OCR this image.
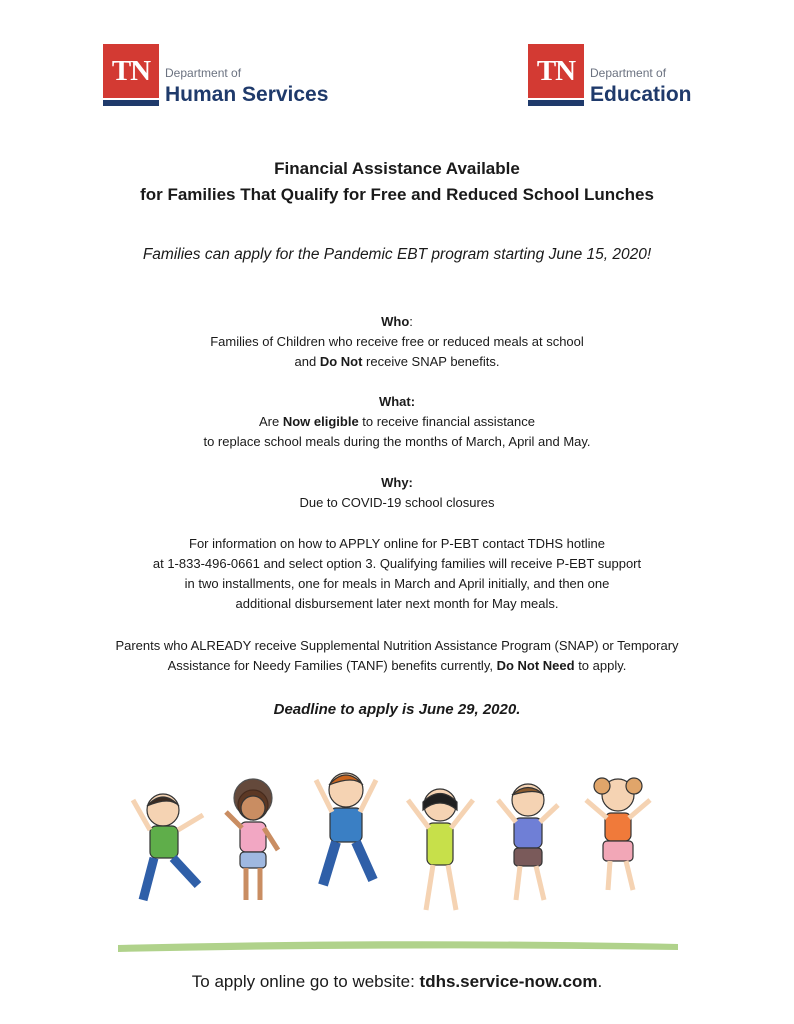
TN	Department of
Human Services
TN	Department of
Education
Financial Assistance Available
for Families That Qualify for Free and Reduced School Lunches
Families can apply for the Pandemic EBT program starting June 15, 2020!
Who:
Families of Children who receive free or reduced meals at school
and Do Not receive SNAP benefits.
What:
Are Now eligible to receive financial assistance
to replace school meals during the months of March, April and May.
Why:
Due to COVID-19 school closures
For information on how to APPLY online for P-EBT contact TDHS hotline
at 1-833-496-0661 and select option 3. Qualifying families will receive P-EBT support
in two installments, one for meals in March and April initially, and then one
additional disbursement later next month for May meals.
Parents who ALREADY receive Supplemental Nutrition Assistance Program (SNAP) or Temporary
Assistance for Needy Families (TANF) benefits currently, Do Not Need to apply.
Deadline to apply is June 29, 2020.
To apply online go to website: tdhs.service-now.com.
